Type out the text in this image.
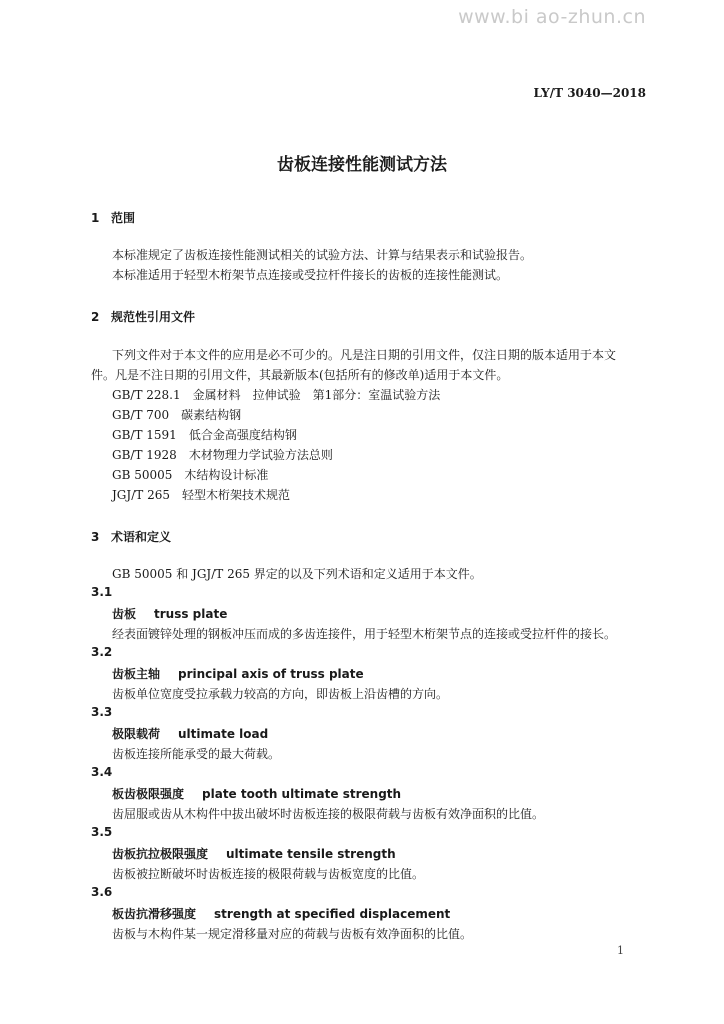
www.bi ao-zhun.cn
LY/T 3040—2018
齿板连接性能测试方法
1 范围
本标准规定了齿板连接性能测试相关的试验方法、计算与结果表示和试验报告。
本标准适用于轻型木桁架节点连接或受拉杆件接长的齿板的连接性能测试。
2 规范性引用文件
下列文件对于本文件的应用是必不可少的。凡是注日期的引用文件，仅注日期的版本适用于本文
件。凡是不注日期的引用文件，其最新版本(包括所有的修改单)适用于本文件。
GB/T 228.1 金属材料　拉伸试验　第1部分：室温试验方法
GB/T 700 碳素结构钢
GB/T 1591 低合金高强度结构钢
GB/T 1928 木材物理力学试验方法总则
GB 50005 木结构设计标准
JGJ/T 265 轻型木桁架技术规范
3 术语和定义
GB 50005 和 JGJ/T 265 界定的以及下列术语和定义适用于本文件。
3.1
齿板 truss plate
经表面镀锌处理的钢板冲压而成的多齿连接件，用于轻型木桁架节点的连接或受拉杆件的接长。
3.2
齿板主轴 principal axis of truss plate
齿板单位宽度受拉承载力较高的方向，即齿板上沿齿槽的方向。
3.3
极限载荷 ultimate load
齿板连接所能承受的最大荷载。
3.4
板齿极限强度 plate tooth ultimate strength
齿屈服或齿从木构件中拔出破坏时齿板连接的极限荷载与齿板有效净面积的比值。
3.5
齿板抗拉极限强度 ultimate tensile strength
齿板被拉断破坏时齿板连接的极限荷载与齿板宽度的比值。
3.6
板齿抗滑移强度 strength at specified displacement
齿板与木构件某一规定滑移量对应的荷载与齿板有效净面积的比值。
1
